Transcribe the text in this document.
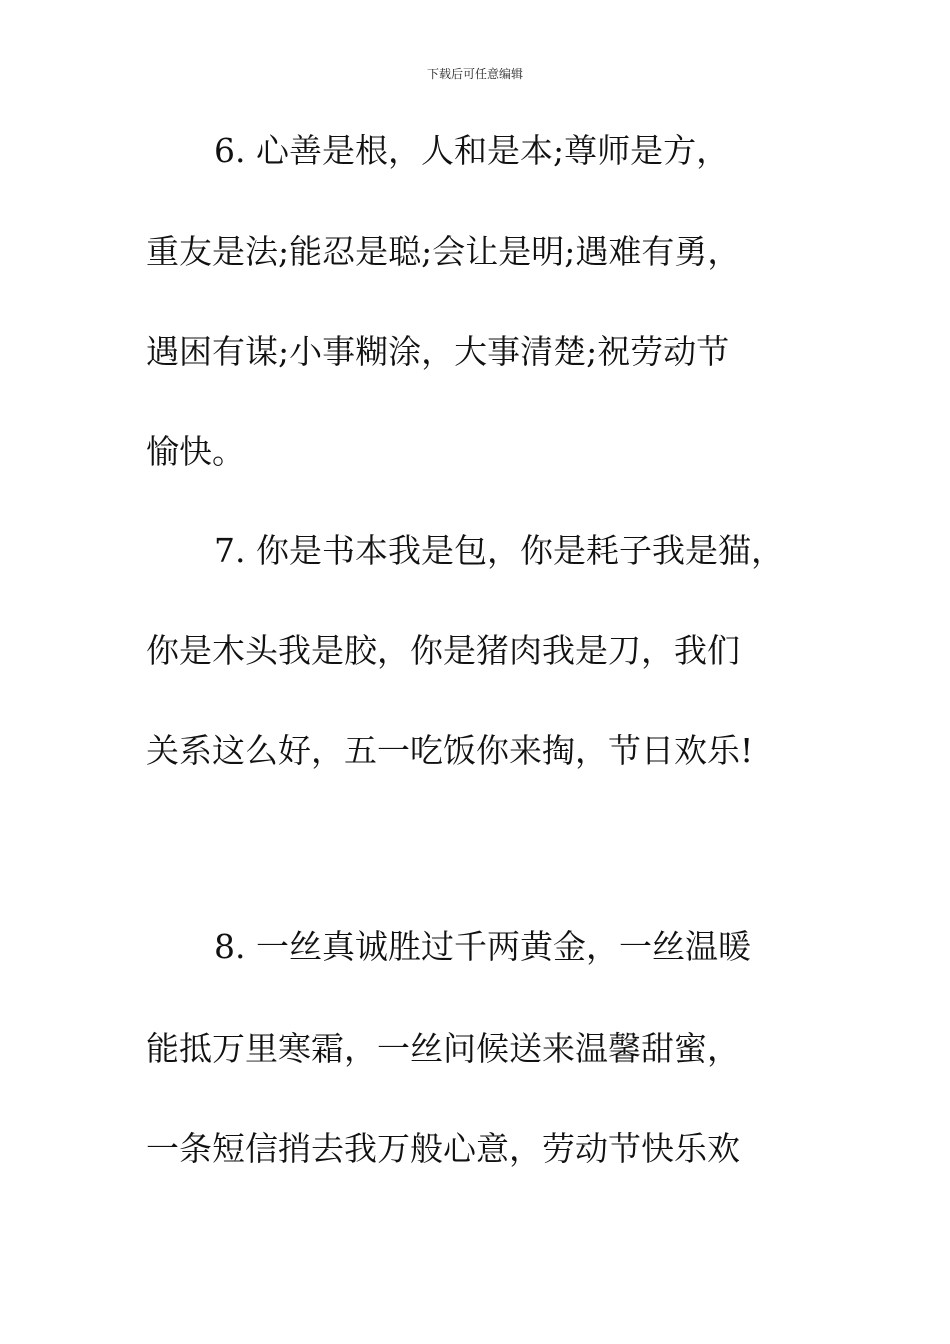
下载后可任意编辑
6. 心善是根，人和是本;尊师是方，
重友是法;能忍是聪;会让是明;遇难有勇，
遇困有谋;小事糊涂，大事清楚;祝劳动节
愉快。
7. 你是书本我是包，你是耗子我是猫，
你是木头我是胶，你是猪肉我是刀，我们
关系这么好，五一吃饭你来掏，节日欢乐!
8. 一丝真诚胜过千两黄金，一丝温暖
能抵万里寒霜，一丝问候送来温馨甜蜜，
一条短信捎去我万般心意，劳动节快乐欢
